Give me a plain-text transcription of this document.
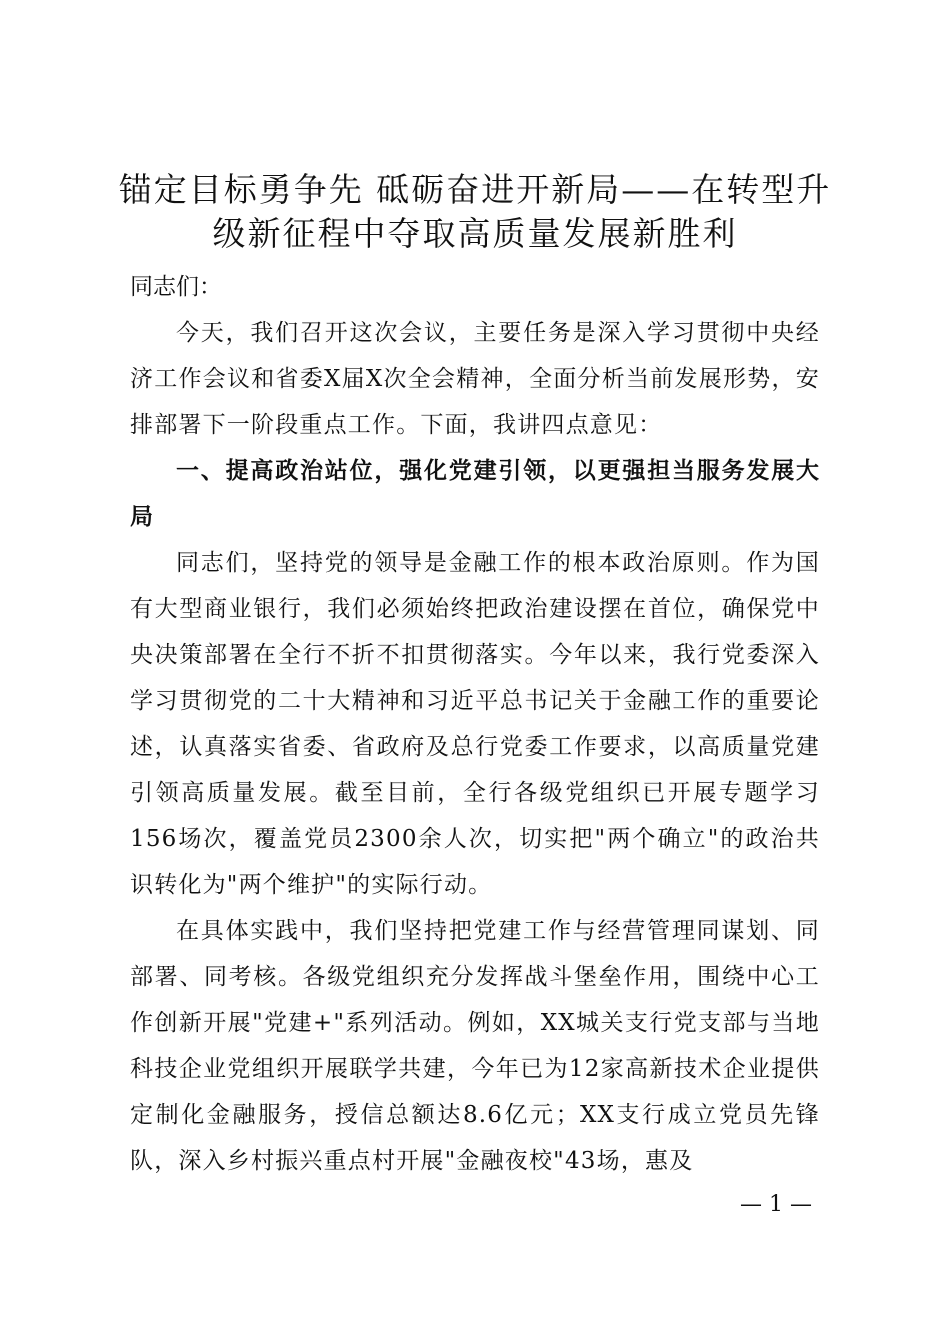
锚定目标勇争先 砥砺奋进开新局——在转型升级新征程中夺取高质量发展新胜利
同志们：

今天，我们召开这次会议，主要任务是深入学习贯彻中央经济工作会议和省委X届X次全会精神，全面分析当前发展形势，安排部署下一阶段重点工作。下面，我讲四点意见：

一、提高政治站位，强化党建引领，以更强担当服务发展大局

同志们，坚持党的领导是金融工作的根本政治原则。作为国有大型商业银行，我们必须始终把政治建设摆在首位，确保党中央决策部署在全行不折不扣贯彻落实。今年以来，我行党委深入学习贯彻党的二十大精神和习近平总书记关于金融工作的重要论述，认真落实省委、省政府及总行党委工作要求，以高质量党建引领高质量发展。截至目前，全行各级党组织已开展专题学习156场次，覆盖党员2300余人次，切实把"两个确立"的政治共识转化为"两个维护"的实际行动。

在具体实践中，我们坚持把党建工作与经营管理同谋划、同部署、同考核。各级党组织充分发挥战斗堡垒作用，围绕中心工作创新开展"党建+"系列活动。例如，XX城关支行党支部与当地科技企业党组织开展联学共建，今年已为12家高新技术企业提供定制化金融服务，授信总额达8.6亿元；XX支行成立党员先锋队，深入乡村振兴重点村开展"金融夜校"43场，惠及

— 1 —
